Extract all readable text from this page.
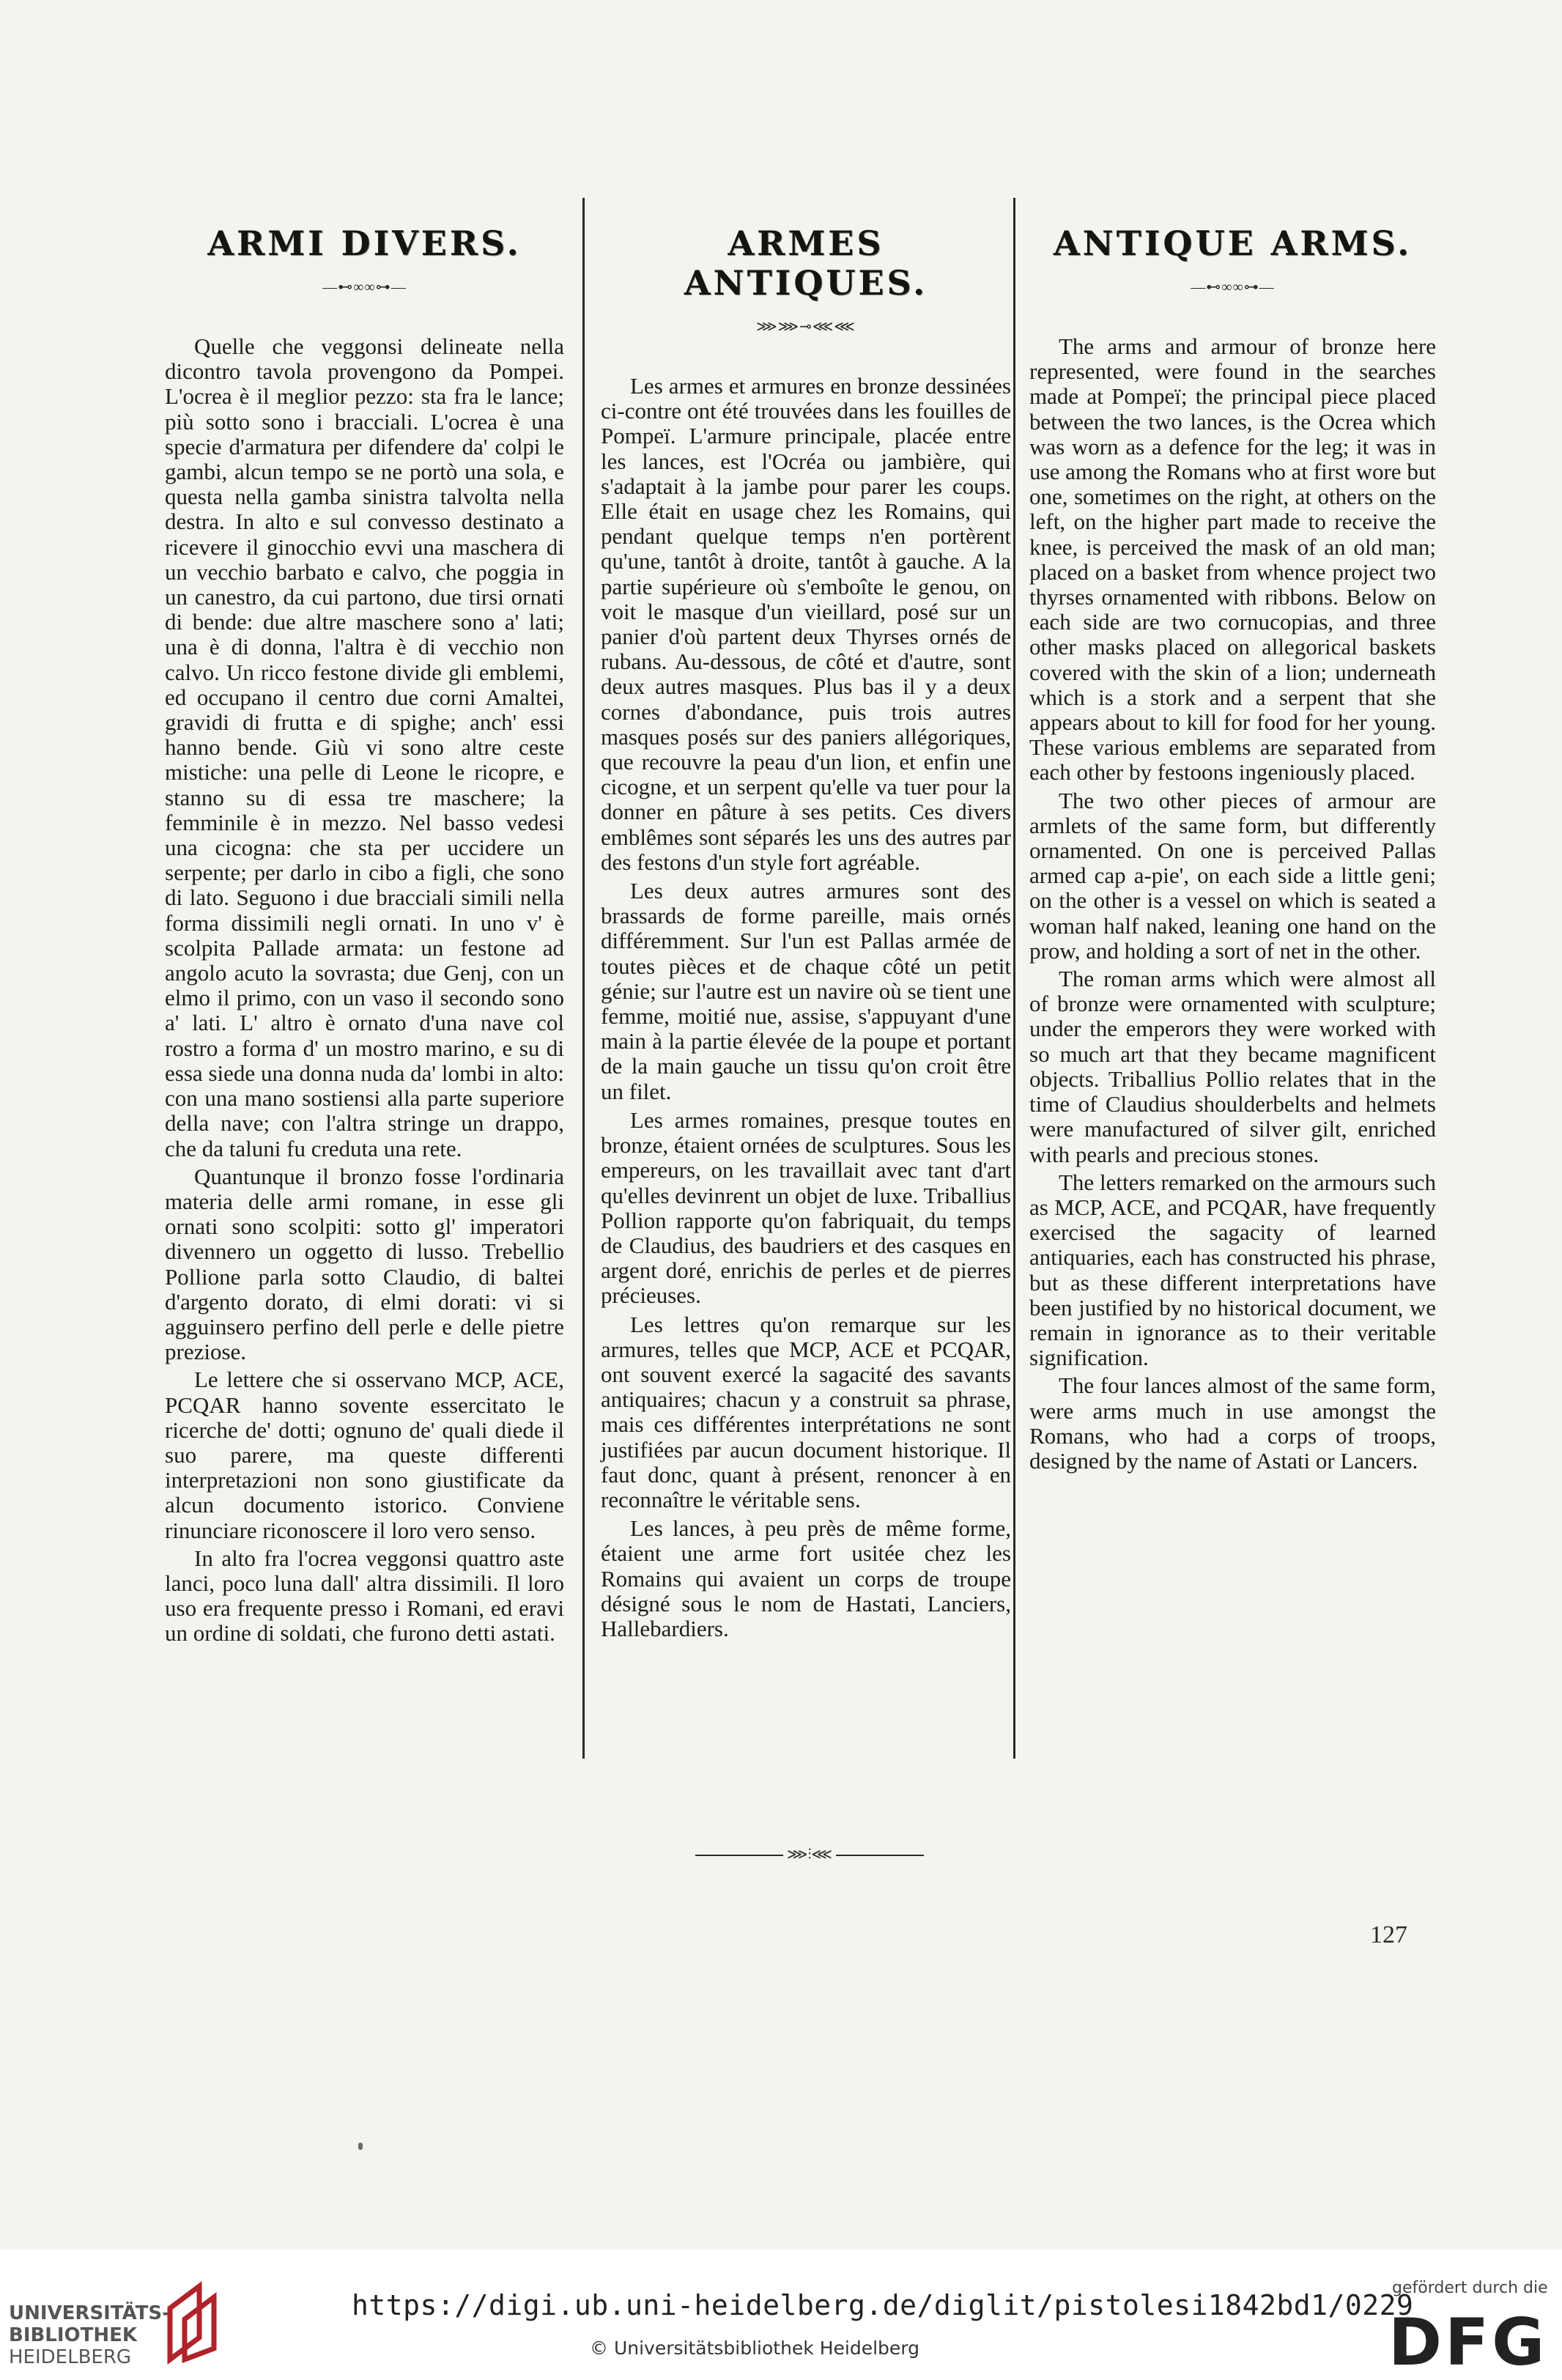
ARMI DIVERS.
—⊷∞∞⊶—

Quelle che veggonsi delineate nella dicontro tavola provengono da Pompei. L'ocrea è il meglior pezzo: sta fra le lance; più sotto sono i bracciali. L'ocrea è una specie d'armatura per difendere da' colpi le gambi, alcun tempo se ne portò una sola, e questa nella gamba sinistra talvolta nella destra. In alto e sul convesso destinato a ricevere il ginocchio evvi una maschera di un vecchio barbato e calvo, che poggia in un canestro, da cui partono, due tirsi ornati di bende: due altre maschere sono a' lati; una è di donna, l'altra è di vecchio non calvo. Un ricco festone divide gli emblemi, ed occupano il centro due corni Amaltei, gravidi di frutta e di spighe; anch' essi hanno bende. Giù vi sono altre ceste mistiche: una pelle di Leone le ricopre, e stanno su di essa tre maschere; la femminile è in mezzo. Nel basso vedesi una cicogna: che sta per uccidere un serpente; per darlo in cibo a figli, che sono di lato. Seguono i due bracciali simili nella forma dissimili negli ornati. In uno v' è scolpita Pallade armata: un festone ad angolo acuto la sovrasta; due Genj, con un elmo il primo, con un vaso il secondo sono a' lati. L' altro è ornato d'una nave col rostro a forma d' un mostro marino, e su di essa siede una donna nuda da' lombi in alto: con una mano sostiensi alla parte superiore della nave; con l'altra stringe un drappo, che da taluni fu creduta una rete.

Quantunque il bronzo fosse l'ordinaria materia delle armi romane, in esse gli ornati sono scolpiti: sotto gl' imperatori divennero un oggetto di lusso. Trebellio Pollione parla sotto Claudio, di baltei d'argento dorato, di elmi dorati: vi si agguinsero perfino dell perle e delle pietre preziose.

Le lettere che si osservano MCP, ACE, PCQAR hanno sovente essercitato le ricerche de' dotti; ognuno de' quali diede il suo parere, ma queste differenti interpretazioni non sono giustificate da alcun documento istorico. Conviene rinunciare riconoscere il loro vero senso.

In alto fra l'ocrea veggonsi quattro aste lanci, poco luna dall' altra dissimili. Il loro uso era frequente presso i Romani, ed eravi un ordine di soldati, che furono detti astati.

ARMES ANTIQUES.
⋙⋙⊸⋘⋘

Les armes et armures en bronze dessinées ci-contre ont été trouvées dans les fouilles de Pompeï. L'armure principale, placée entre les lances, est l'Ocréa ou jambière, qui s'adaptait à la jambe pour parer les coups. Elle était en usage chez les Romains, qui pendant quelque temps n'en portèrent qu'une, tantôt à droite, tantôt à gauche. A la partie supérieure où s'emboîte le genou, on voit le masque d'un vieillard, posé sur un panier d'où partent deux Thyrses ornés de rubans. Au-dessous, de côté et d'autre, sont deux autres masques. Plus bas il y a deux cornes d'abondance, puis trois autres masques posés sur des paniers allégoriques, que recouvre la peau d'un lion, et enfin une cicogne, et un serpent qu'elle va tuer pour la donner en pâture à ses petits. Ces divers emblêmes sont séparés les uns des autres par des festons d'un style fort agréable.

Les deux autres armures sont des brassards de forme pareille, mais ornés différemment. Sur l'un est Pallas armée de toutes pièces et de chaque côté un petit génie; sur l'autre est un navire où se tient une femme, moitié nue, assise, s'appuyant d'une main à la partie élevée de la poupe et portant de la main gauche un tissu qu'on croit être un filet.

Les armes romaines, presque toutes en bronze, étaient ornées de sculptures. Sous les empereurs, on les travaillait avec tant d'art qu'elles devinrent un objet de luxe. Triballius Pollion rapporte qu'on fabriquait, du temps de Claudius, des baudriers et des casques en argent doré, enrichis de perles et de pierres précieuses.

Les lettres qu'on remarque sur les armures, telles que MCP, ACE et PCQAR, ont souvent exercé la sagacité des savants antiquaires; chacun y a construit sa phrase, mais ces différentes interprétations ne sont justifiées par aucun document historique. Il faut donc, quant à présent, renoncer à en reconnaître le véritable sens.

Les lances, à peu près de même forme, étaient une arme fort usitée chez les Romains qui avaient un corps de troupe désigné sous le nom de Hastati, Lanciers, Hallebardiers.

ANTIQUE ARMS.
—⊷∞∞⊶—

The arms and armour of bronze here represented, were found in the searches made at Pompeï; the principal piece placed between the two lances, is the Ocrea which was worn as a defence for the leg; it was in use among the Romans who at first wore but one, sometimes on the right, at others on the left, on the higher part made to receive the knee, is perceived the mask of an old man; placed on a basket from whence project two thyrses ornamented with ribbons. Below on each side are two cornucopias, and three other masks placed on allegorical baskets covered with the skin of a lion; underneath which is a stork and a serpent that she appears about to kill for food for her young. These various emblems are separated from each other by festoons ingeniously placed.

The two other pieces of armour are armlets of the same form, but differently ornamented. On one is perceived Pallas armed cap a-pie', on each side a little geni; on the other is a vessel on which is seated a woman half naked, leaning one hand on the prow, and holding a sort of net in the other.

The roman arms which were almost all of bronze were ornamented with sculpture; under the emperors they were worked with so much art that they became magnificent objects. Triballius Pollio relates that in the time of Claudius shoulderbelts and helmets were manufactured of silver gilt, enriched with pearls and precious stones.

The letters remarked on the armours such as MCP, ACE, and PCQAR, have frequently exercised the sagacity of learned antiquaries, each has constructed his phrase, but as these different interpretations have been justified by no historical document, we remain in ignorance as to their veritable signification.

The four lances almost of the same form, were arms much in use amongst the Romans, who had a corps of troops, designed by the name of Astati or Lancers.

⋙⫶⋘
127
UNIVERSITÄTS-
BIBLIOTHEK
HEIDELBERG
https://digi.ub.uni-heidelberg.de/diglit/pistolesi1842bd1/0229
© Universitätsbibliothek Heidelberg
gefördert durch die
DFG
